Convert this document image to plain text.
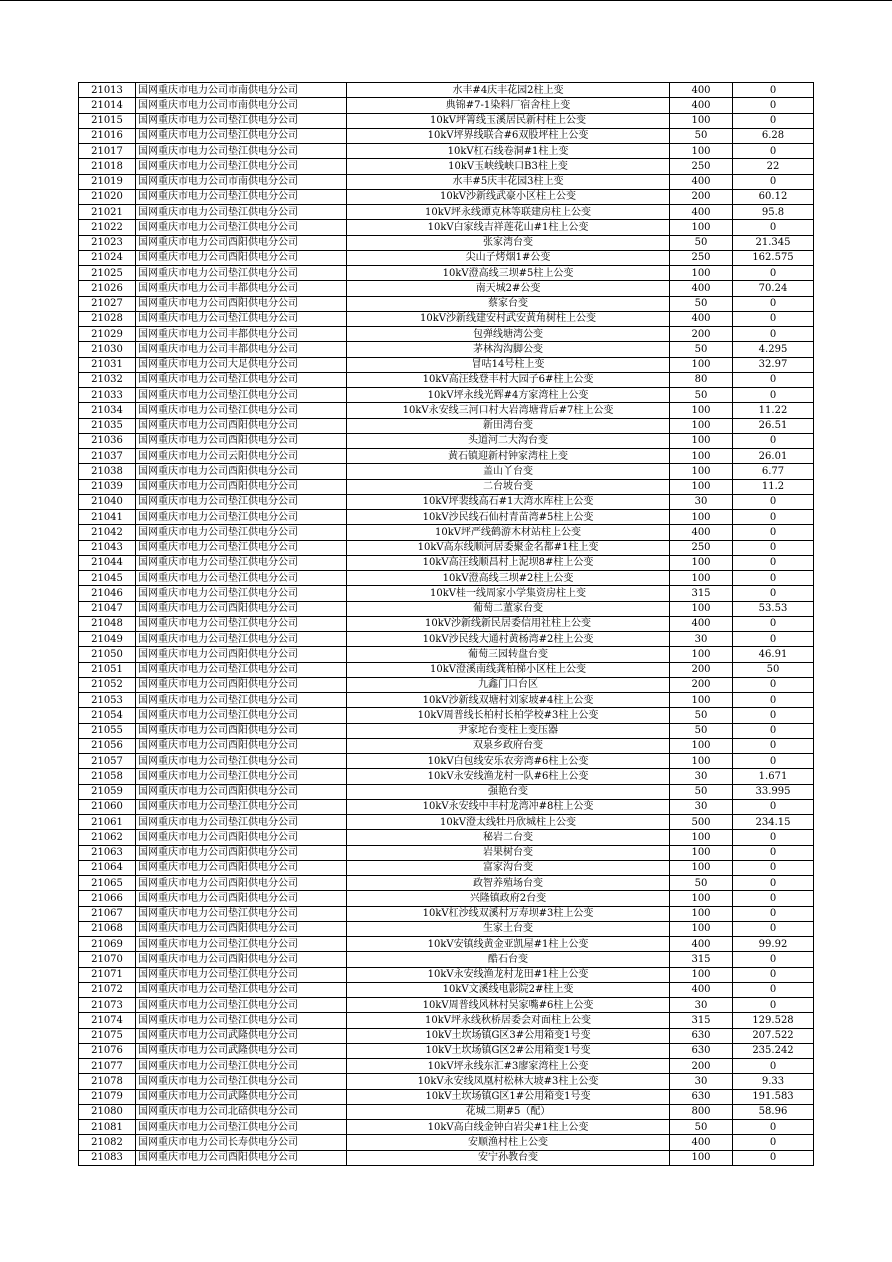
21013	国网重庆市电力公司市南供电分公司	水丰#4庆丰花园2柱上变	400	0
21014	国网重庆市电力公司市南供电分公司	典锦#7-1染料厂宿舍柱上变	400	0
21015	国网重庆市电力公司垫江供电分公司	10kV坪箐线玉溪居民新村柱上公变	100	0
21016	国网重庆市电力公司垫江供电分公司	10kV坪界线联合#6双股坪柱上公变	50	6.28
21017	国网重庆市电力公司垫江供电分公司	10kV杠石线卷洞#1柱上变	100	0
21018	国网重庆市电力公司垫江供电分公司	10kV玉峡线峡口B3柱上变	250	22
21019	国网重庆市电力公司市南供电分公司	水丰#5庆丰花园3柱上变	400	0
21020	国网重庆市电力公司垫江供电分公司	10kV沙新线武豪小区柱上公变	200	60.12
21021	国网重庆市电力公司垫江供电分公司	10kV坪永线谭克林等联建房柱上公变	400	95.8
21022	国网重庆市电力公司垫江供电分公司	10kV白家线吉祥莲花山#1柱上公变	100	0
21023	国网重庆市电力公司酉阳供电分公司	张家湾台变	50	21.345
21024	国网重庆市电力公司酉阳供电分公司	尖山子烤烟1#公变	250	162.575
21025	国网重庆市电力公司垫江供电分公司	10kV澄高线三坝#5柱上公变	100	0
21026	国网重庆市电力公司丰都供电分公司	南天城2#公变	400	70.24
21027	国网重庆市电力公司酉阳供电分公司	蔡家台变	50	0
21028	国网重庆市电力公司垫江供电分公司	10kV沙新线建安村武安黄角树柱上公变	400	0
21029	国网重庆市电力公司丰都供电分公司	包弹线塘湾公变	200	0
21030	国网重庆市电力公司丰都供电分公司	茅林沟沟脚公变	50	4.295
21031	国网重庆市电力公司大足供电分公司	冒咕14号柱上变	100	32.97
21032	国网重庆市电力公司垫江供电分公司	10kV高汪线登丰村大园子6#柱上公变	80	0
21033	国网重庆市电力公司垫江供电分公司	10kV坪永线光辉#4方家湾柱上公变	50	0
21034	国网重庆市电力公司垫江供电分公司	10kV永安线三河口村大岩湾塘背后#7柱上公变	100	11.22
21035	国网重庆市电力公司酉阳供电分公司	新田湾台变	100	26.51
21036	国网重庆市电力公司酉阳供电分公司	头道河二大沟台变	100	0
21037	国网重庆市电力公司云阳供电分公司	黄石镇迎新村钟家湾柱上变	100	26.01
21038	国网重庆市电力公司酉阳供电分公司	盖山丫台变	100	6.77
21039	国网重庆市电力公司酉阳供电分公司	二台坡台变	100	11.2
21040	国网重庆市电力公司垫江供电分公司	10kV坪裴线高石#1大湾水库柱上公变	30	0
21041	国网重庆市电力公司垫江供电分公司	10kV沙民线石仙村青苗湾#5柱上公变	100	0
21042	国网重庆市电力公司垫江供电分公司	10kV坪严线鹤游木材站柱上公变	400	0
21043	国网重庆市电力公司垫江供电分公司	10kV高东线顺河居委聚金名都#1柱上变	250	0
21044	国网重庆市电力公司垫江供电分公司	10kV高汪线顺昌村上泥坝8#柱上公变	100	0
21045	国网重庆市电力公司垫江供电分公司	10kV澄高线三坝#2柱上公变	100	0
21046	国网重庆市电力公司垫江供电分公司	10kV桂一线周家小学集资房柱上变	315	0
21047	国网重庆市电力公司酉阳供电分公司	葡萄二董家台变	100	53.53
21048	国网重庆市电力公司垫江供电分公司	10kV沙新线新民居委信用社柱上公变	400	0
21049	国网重庆市电力公司垫江供电分公司	10kV沙民线大通村黄杨湾#2柱上公变	30	0
21050	国网重庆市电力公司酉阳供电分公司	葡萄三园转盘台变	100	46.91
21051	国网重庆市电力公司垫江供电分公司	10kV澄溪南线龚柏梯小区柱上公变	200	50
21052	国网重庆市电力公司酉阳供电分公司	九鑫门口台区	200	0
21053	国网重庆市电力公司垫江供电分公司	10kV沙新线双塘村刘家坡#4柱上公变	100	0
21054	国网重庆市电力公司垫江供电分公司	10kV周普线长柏村长柏学校#3柱上公变	50	0
21055	国网重庆市电力公司酉阳供电分公司	尹家坨台变柱上变压器	50	0
21056	国网重庆市电力公司酉阳供电分公司	双泉乡政府台变	100	0
21057	国网重庆市电力公司垫江供电分公司	10kV白包线安乐农旁湾#6柱上公变	100	0
21058	国网重庆市电力公司垫江供电分公司	10kV永安线渔龙村一队#6柱上公变	30	1.671
21059	国网重庆市电力公司酉阳供电分公司	强艳台变	50	33.995
21060	国网重庆市电力公司垫江供电分公司	10kV永安线中丰村龙湾冲#8柱上公变	30	0
21061	国网重庆市电力公司垫江供电分公司	10kV澄太线牡丹欣城柱上公变	500	234.15
21062	国网重庆市电力公司酉阳供电分公司	秘岩二台变	100	0
21063	国网重庆市电力公司酉阳供电分公司	岩果树台变	100	0
21064	国网重庆市电力公司酉阳供电分公司	富家沟台变	100	0
21065	国网重庆市电力公司酉阳供电分公司	政智养殖场台变	50	0
21066	国网重庆市电力公司酉阳供电分公司	兴隆镇政府2台变	100	0
21067	国网重庆市电力公司垫江供电分公司	10kV杠沙线双溪村万寿坝#3柱上公变	100	0
21068	国网重庆市电力公司酉阳供电分公司	生家土台变	100	0
21069	国网重庆市电力公司垫江供电分公司	10kV安镇线黄金亚凯屋#1柱上公变	400	99.92
21070	国网重庆市电力公司酉阳供电分公司	酷石台变	315	0
21071	国网重庆市电力公司垫江供电分公司	10kV永安线渔龙村龙田#1柱上公变	100	0
21072	国网重庆市电力公司垫江供电分公司	10kV文溪线电影院2#柱上变	400	0
21073	国网重庆市电力公司垫江供电分公司	10kV周普线风林村吴家嘴#6柱上公变	30	0
21074	国网重庆市电力公司垫江供电分公司	10kV坪永线秋桥居委会对面柱上公变	315	129.528
21075	国网重庆市电力公司武隆供电分公司	10kV土坎场镇G区3#公用箱变1号变	630	207.522
21076	国网重庆市电力公司武隆供电分公司	10kV土坎场镇G区2#公用箱变1号变	630	235.242
21077	国网重庆市电力公司垫江供电分公司	10kV坪永线东汇#3廖家湾柱上公变	200	0
21078	国网重庆市电力公司垫江供电分公司	10kV永安线凤凰村松林大坡#3柱上公变	30	9.33
21079	国网重庆市电力公司武隆供电分公司	10kV土坎场镇G区1#公用箱变1号变	630	191.583
21080	国网重庆市电力公司北碚供电分公司	花城二期#5（配）	800	58.96
21081	国网重庆市电力公司垫江供电分公司	10kV高白线金钟白岩尖#1柱上公变	50	0
21082	国网重庆市电力公司长寿供电分公司	安顺渔村柱上公变	400	0
21083	国网重庆市电力公司酉阳供电分公司	安宁孙教台变	100	0
